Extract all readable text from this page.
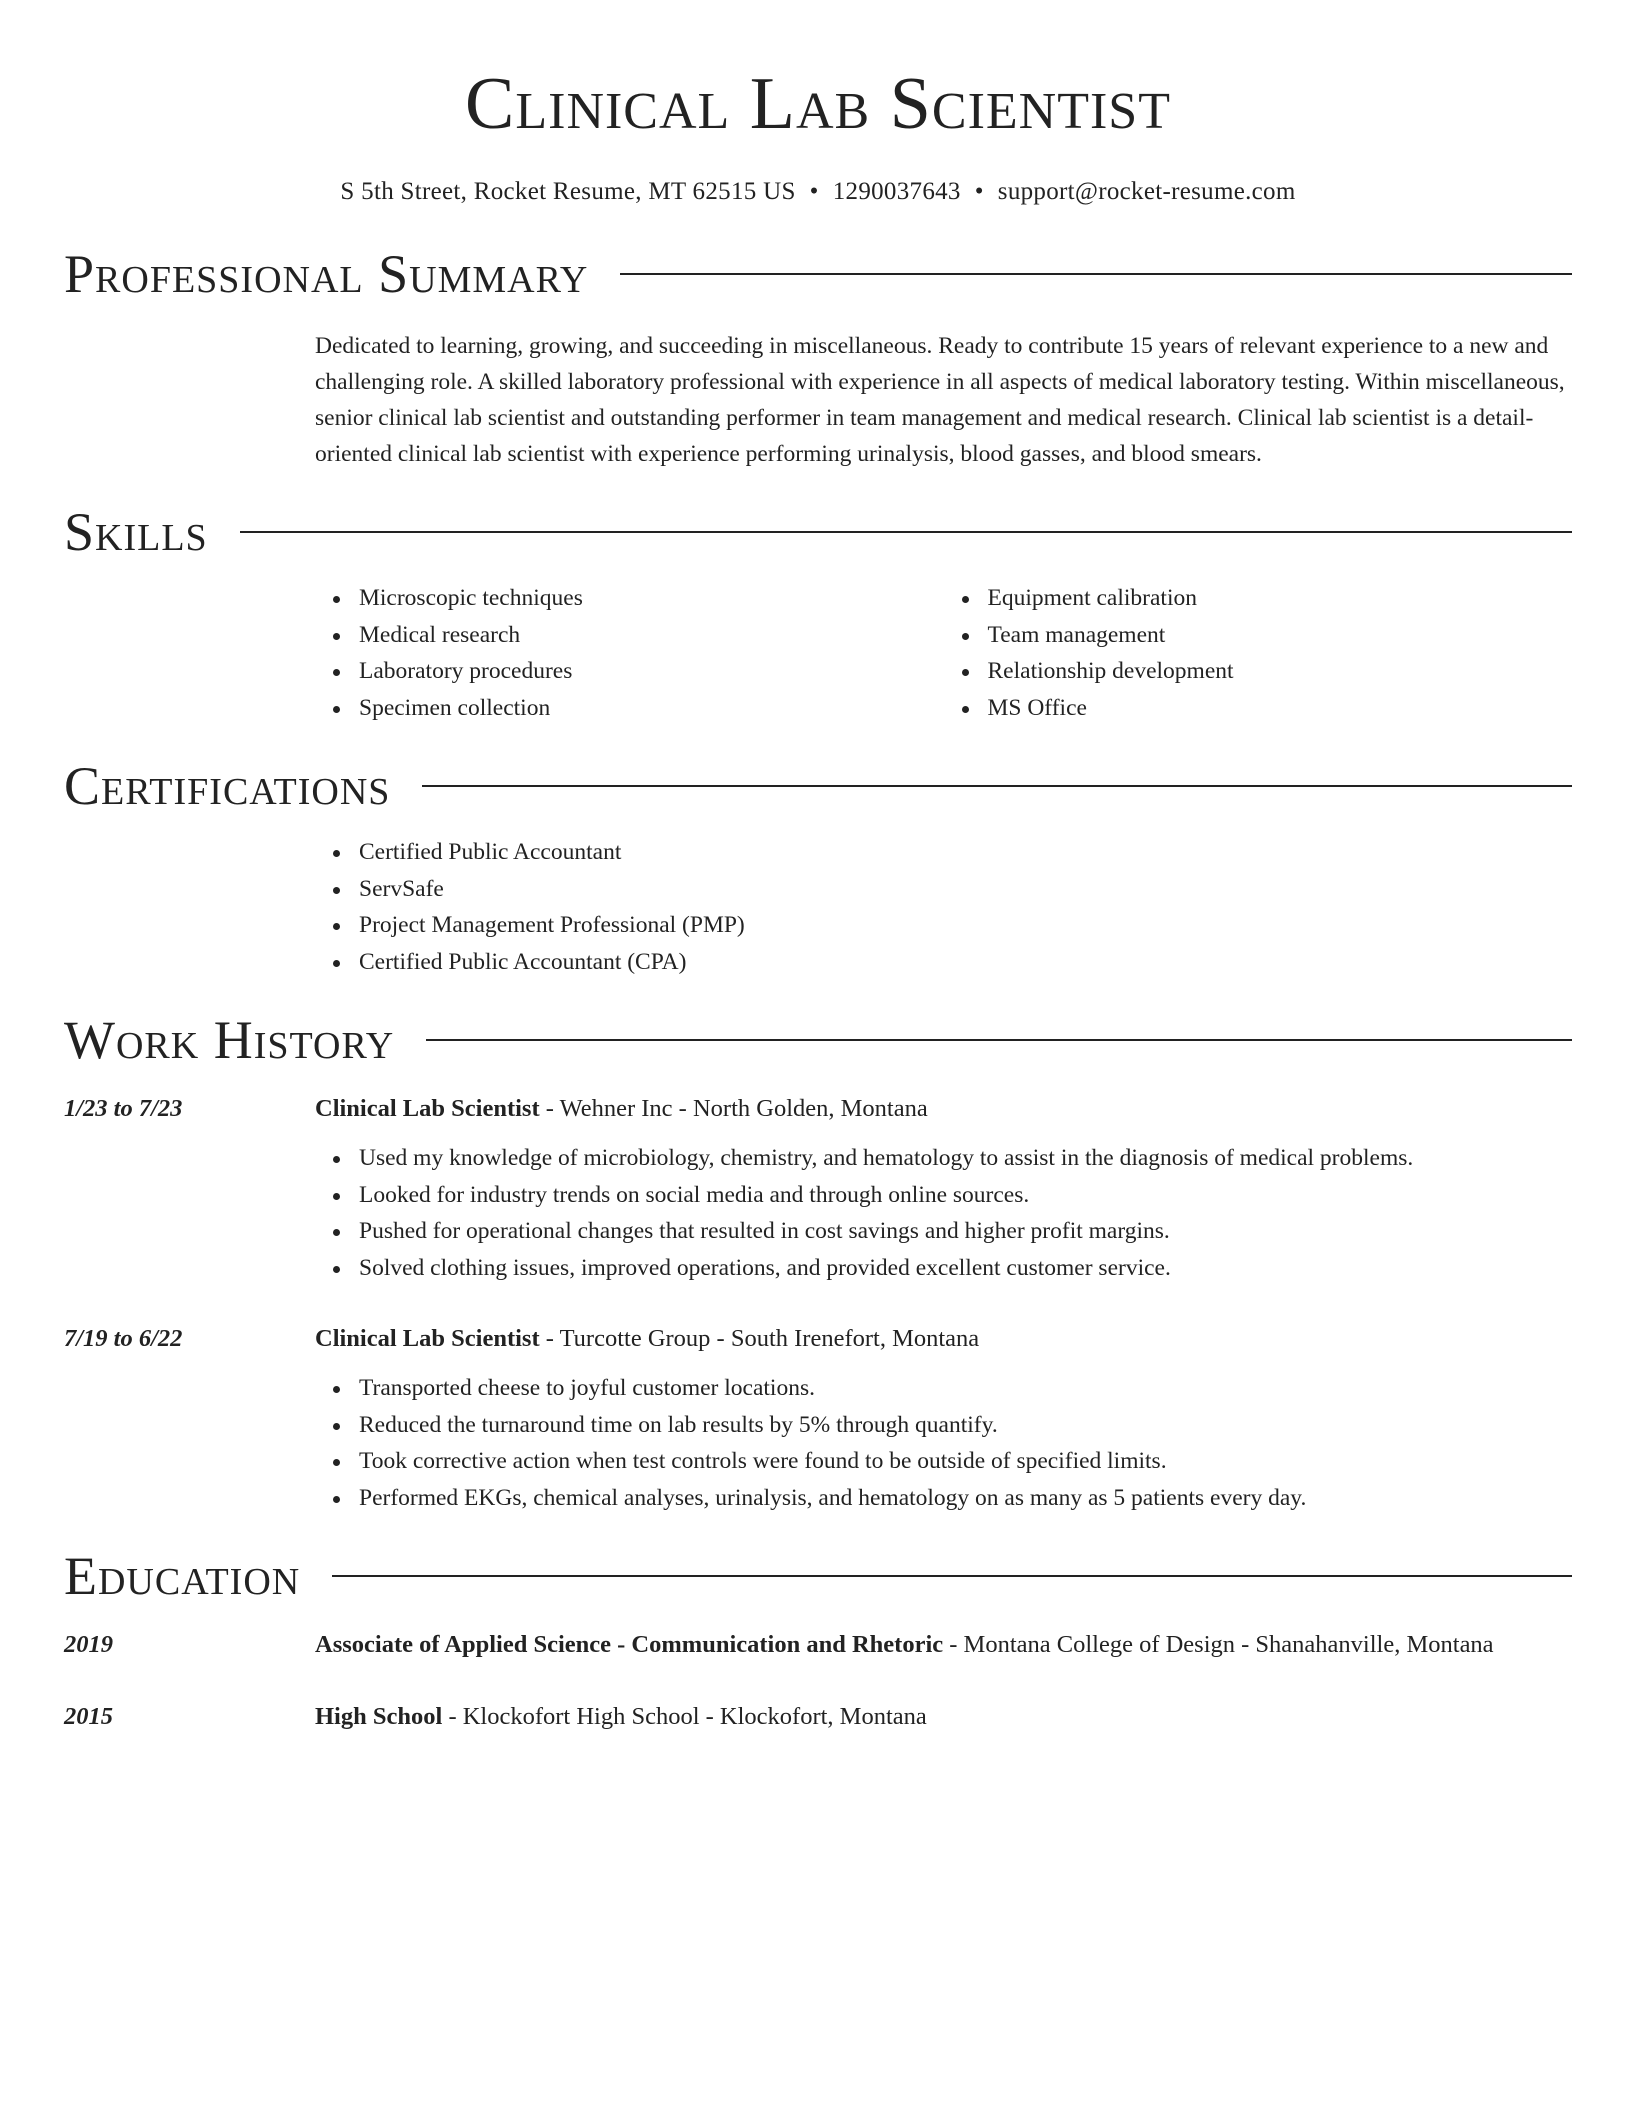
Clinical Lab Scientist
S 5th Street, Rocket Resume, MT 62515 US • 1290037643 • support@rocket-resume.com
Professional Summary

Dedicated to learning, growing, and succeeding in miscellaneous. Ready to contribute 15 years of relevant experience to a new and challenging role. A skilled laboratory professional with experience in all aspects of medical laboratory testing. Within miscellaneous, senior clinical lab scientist and outstanding performer in team management and medical research. Clinical lab scientist is a detail-oriented clinical lab scientist with experience performing urinalysis, blood gasses, and blood smears.

Skills
Microscopic techniques
Medical research
Laboratory procedures
Specimen collection
Equipment calibration
Team management
Relationship development
MS Office
Certifications
Certified Public Accountant
ServSafe
Project Management Professional (PMP)
Certified Public Accountant (CPA)
Work History
1/23 to 7/23	Clinical Lab Scientist - Wehner Inc - North Golden, Montana
Used my knowledge of microbiology, chemistry, and hematology to assist in the diagnosis of medical problems.
Looked for industry trends on social media and through online sources.
Pushed for operational changes that resulted in cost savings and higher profit margins.
Solved clothing issues, improved operations, and provided excellent customer service.
7/19 to 6/22	Clinical Lab Scientist - Turcotte Group - South Irenefort, Montana
Transported cheese to joyful customer locations.
Reduced the turnaround time on lab results by 5% through quantify.
Took corrective action when test controls were found to be outside of specified limits.
Performed EKGs, chemical analyses, urinalysis, and hematology on as many as 5 patients every day.
Education
2019	Associate of Applied Science - Communication and Rhetoric - Montana College of Design - Shanahanville, Montana
2015	High School - Klockofort High School - Klockofort, Montana
